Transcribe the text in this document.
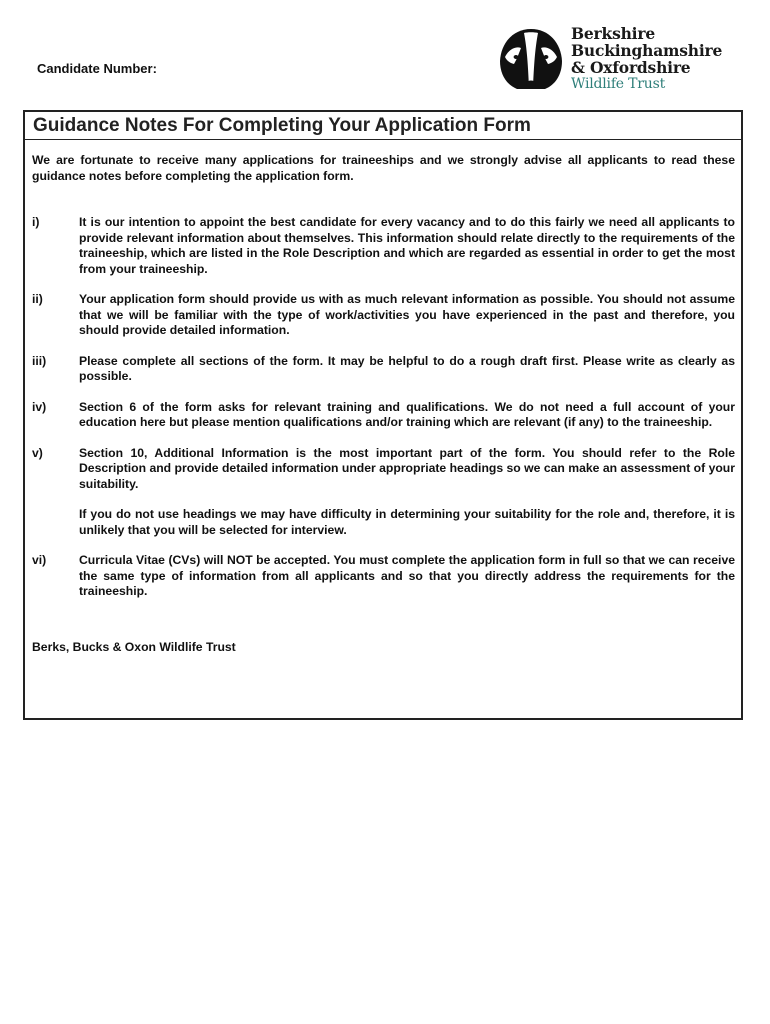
Candidate Number:
Berkshire
Buckinghamshire
& Oxfordshire
Wildlife Trust
Guidance Notes For Completing Your Application Form

We are fortunate to receive many applications for traineeships and we strongly advise all applicants to read these guidance notes before completing the application form.

i)	It is our intention to appoint the best candidate for every vacancy and to do this fairly we need all applicants to provide relevant information about themselves. This information should relate directly to the requirements of the traineeship, which are listed in the Role Description and which are regarded as essential in order to get the most from your traineeship.

ii)	Your application form should provide us with as much relevant information as possible. You should not assume that we will be familiar with the type of work/activities you have experienced in the past and therefore, you should provide detailed information.

iii)	Please complete all sections of the form. It may be helpful to do a rough draft first. Please write as clearly as possible.

iv)	Section 6 of the form asks for relevant training and qualifications. We do not need a full account of your education here but please mention qualifications and/or training which are relevant (if any) to the traineeship.

v)	Section 10, Additional Information is the most important part of the form. You should refer to the Role Description and provide detailed information under appropriate headings so we can make an assessment of your suitability.

If you do not use headings we may have difficulty in determining your suitability for the role and, therefore, it is unlikely that you will be selected for interview.

vi)	Curricula Vitae (CVs) will NOT be accepted. You must complete the application form in full so that we can receive the same type of information from all applicants and so that you directly address the requirements for the traineeship.

Berks, Bucks & Oxon Wildlife Trust
